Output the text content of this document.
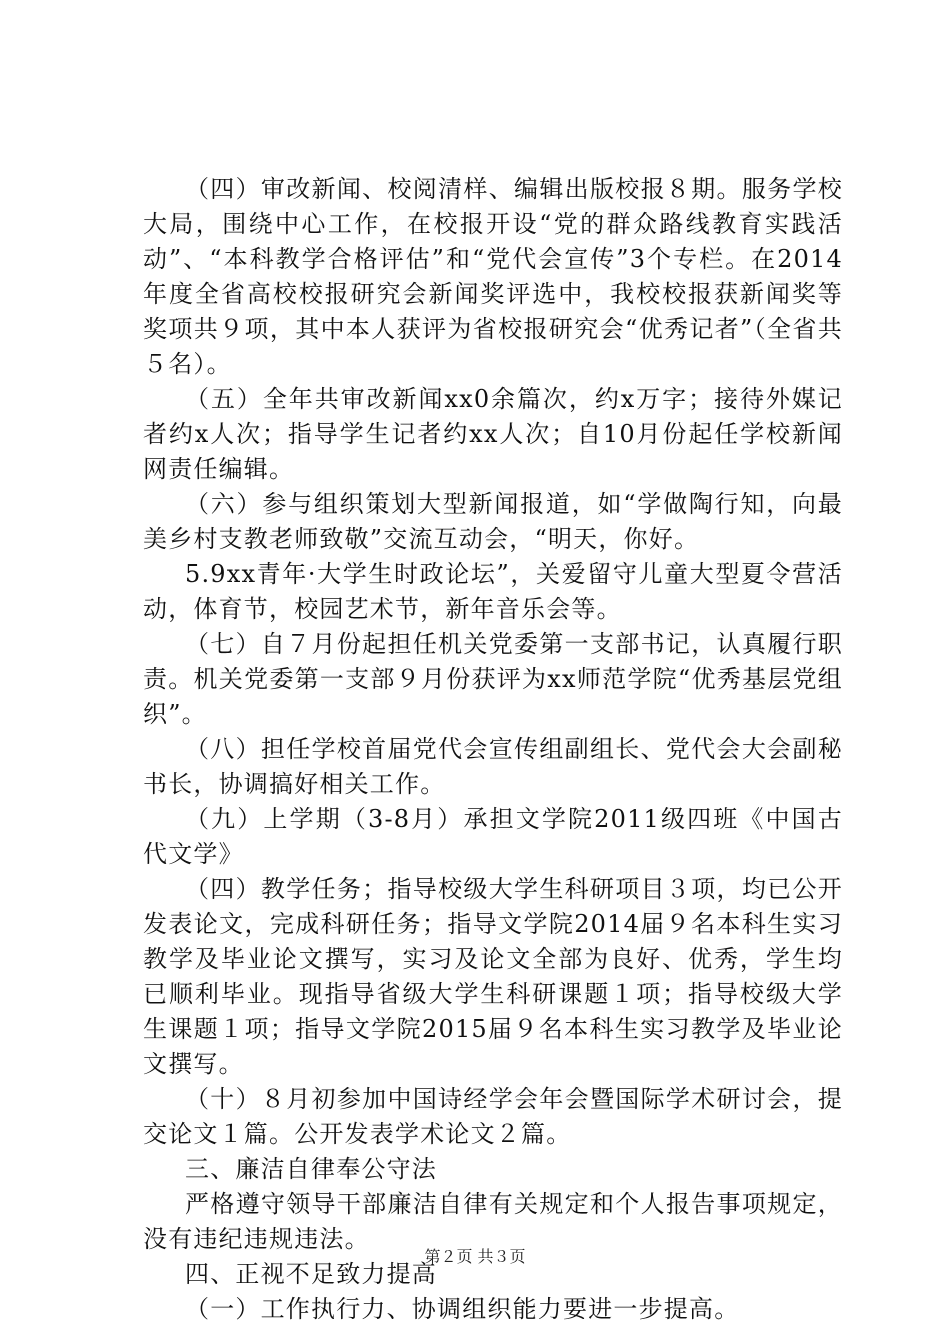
（四）审改新闻、校阅清样、编辑出版校报８期。服务学校大局，围绕中心工作，在校报开设“党的群众路线教育实践活动”、“本科教学合格评估”和“党代会宣传”3个专栏。在2014年度全省高校校报研究会新闻奖评选中，我校校报获新闻奖等奖项共９项，其中本人获评为省校报研究会“优秀记者”（全省共５名）。

（五）全年共审改新闻xx0余篇次，约x万字；接待外媒记者约x人次；指导学生记者约xx人次；自10月份起任学校新闻网责任编辑。

（六）参与组织策划大型新闻报道，如“学做陶行知，向最美乡村支教老师致敬”交流互动会，“明天，你好。

5.9xx青年·大学生时政论坛”，关爱留守儿童大型夏令营活动，体育节，校园艺术节，新年音乐会等。

（七）自７月份起担任机关党委第一支部书记，认真履行职责。机关党委第一支部９月份获评为xx师范学院“优秀基层党组织”。

（八）担任学校首届党代会宣传组副组长、党代会大会副秘书长，协调搞好相关工作。

（九）上学期（3-8月）承担文学院2011级四班《中国古代文学》

（四）教学任务；指导校级大学生科研项目３项，均已公开发表论文，完成科研任务；指导文学院2014届９名本科生实习教学及毕业论文撰写，实习及论文全部为良好、优秀，学生均已顺利毕业。现指导省级大学生科研课题１项；指导校级大学生课题１项；指导文学院2015届９名本科生实习教学及毕业论文撰写。

（十）８月初参加中国诗经学会年会暨国际学术研讨会，提交论文１篇。公开发表学术论文２篇。

三、廉洁自律奉公守法

严格遵守领导干部廉洁自律有关规定和个人报告事项规定，没有违纪违规违法。

四、正视不足致力提高

（一）工作执行力、协调组织能力要进一步提高。

第２页 共３页
